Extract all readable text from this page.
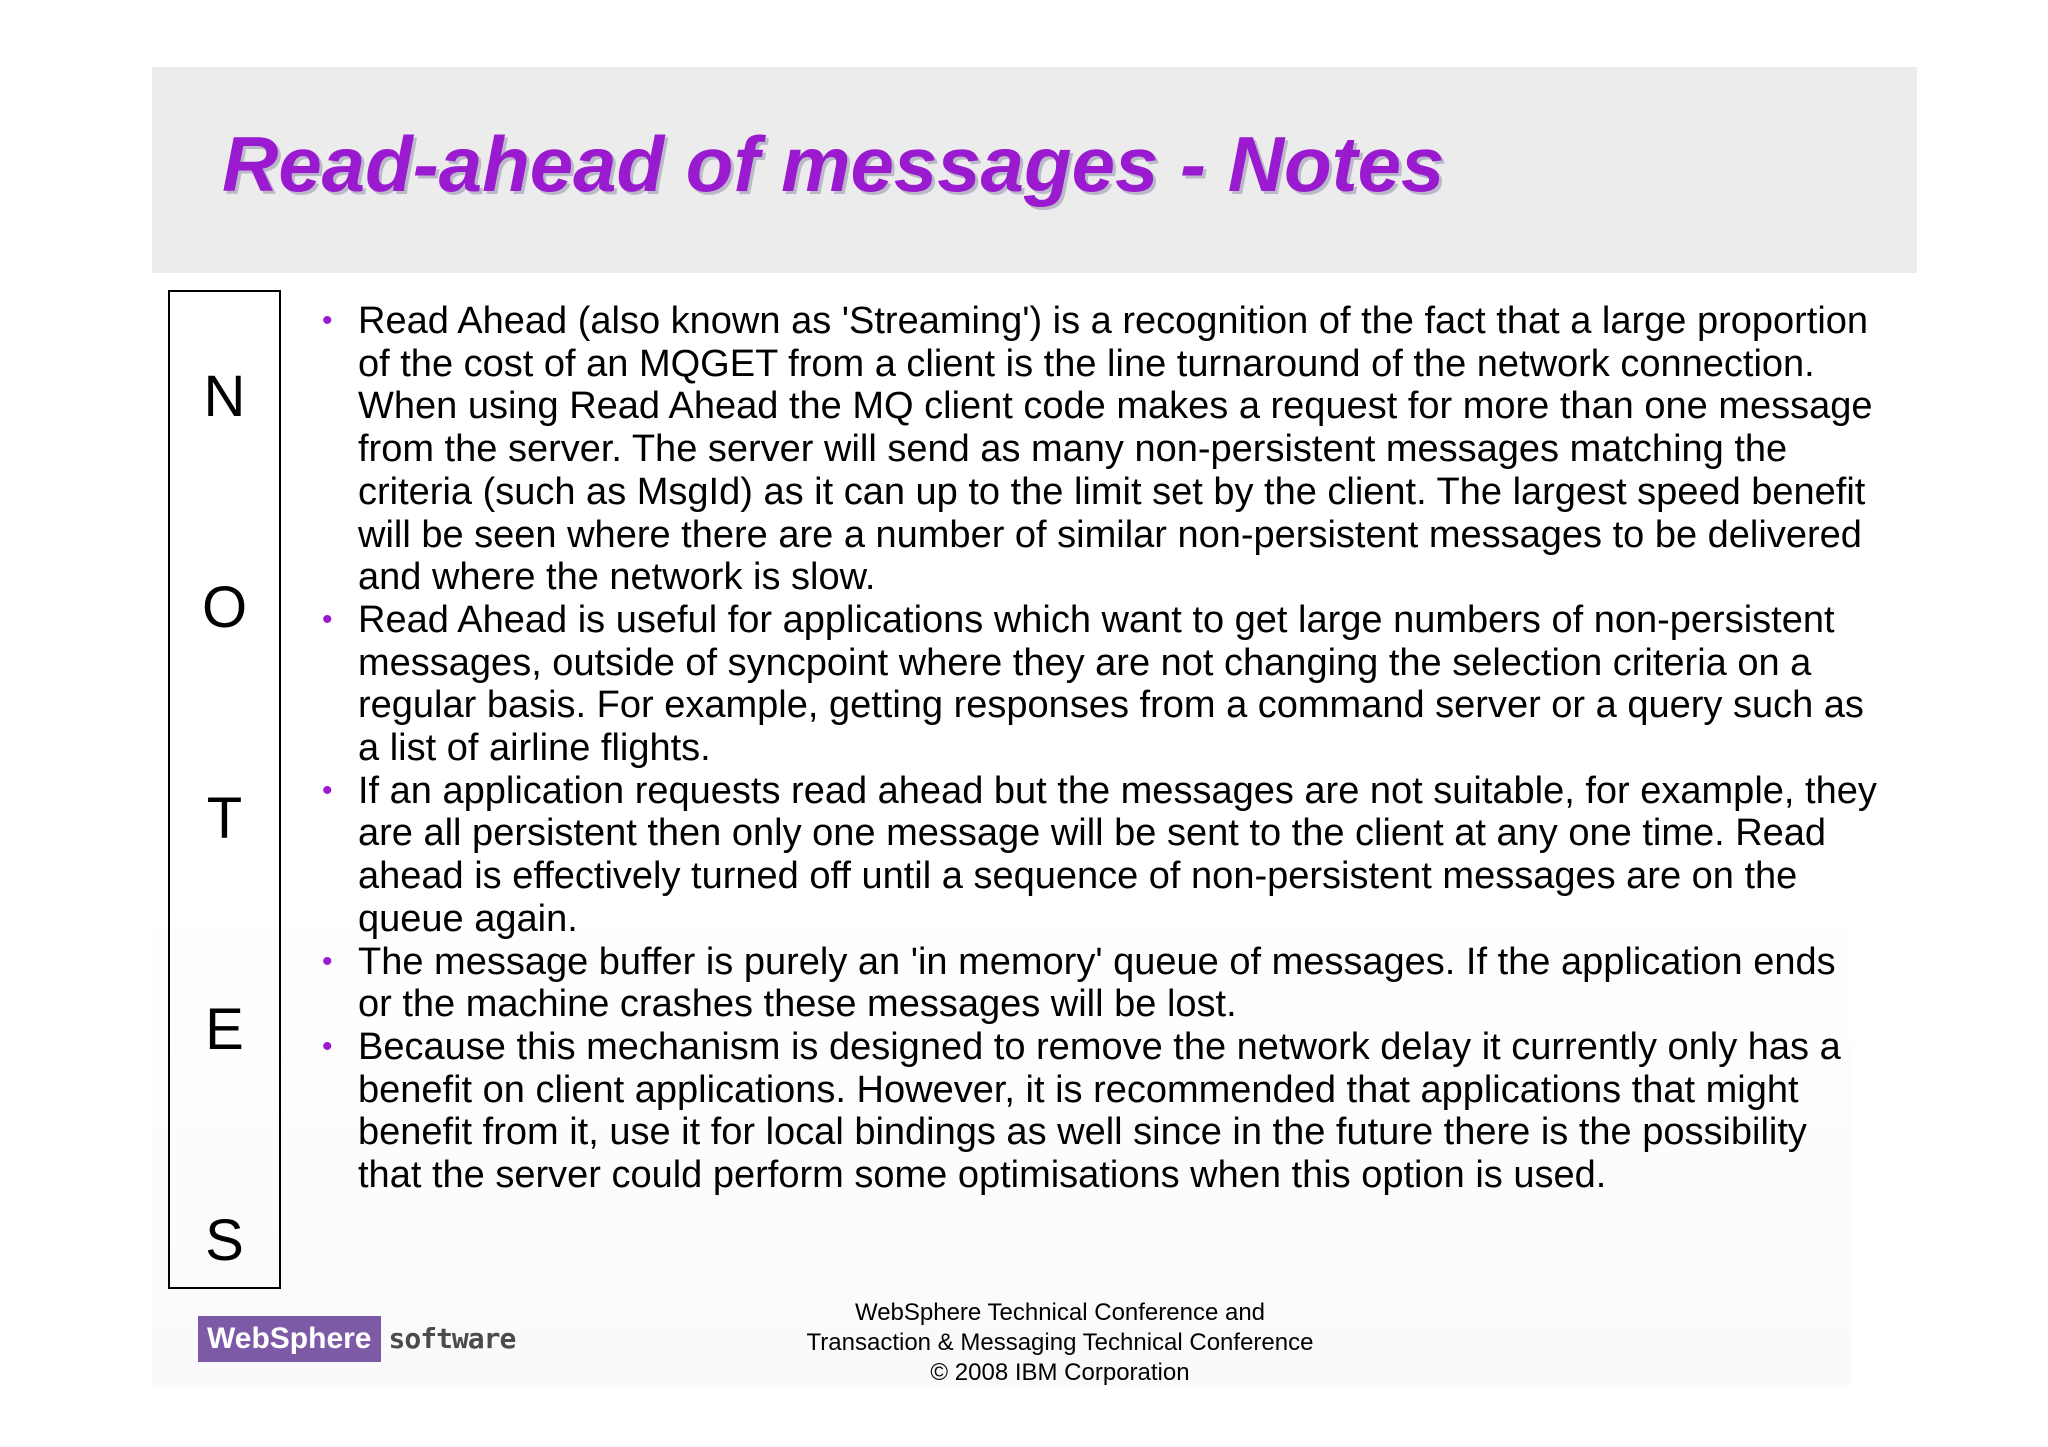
Read-ahead of messages - Notes
N
O
T
E
S
• Read Ahead (also known as 'Streaming') is a recognition of the fact that a large proportion of the cost of an MQGET from a client is the line turnaround of the network connection. When using Read Ahead the MQ client code makes a request for more than one message from the server. The server will send as many non-persistent messages matching the criteria (such as MsgId) as it can up to the limit set by the client. The largest speed benefit will be seen where there are a number of similar non-persistent messages to be delivered and where the network is slow.
• Read Ahead is useful for applications which want to get large numbers of non-persistent messages, outside of syncpoint where they are not changing the selection criteria on a regular basis. For example, getting responses from a command server or a query such as a list of airline flights.
• If an application requests read ahead but the messages are not suitable, for example, they are all persistent then only one message will be sent to the client at any one time. Read ahead is effectively turned off until a sequence of non-persistent messages are on the queue again.
• The message buffer is purely an 'in memory' queue of messages. If the application ends or the machine crashes these messages will be lost.
• Because this mechanism is designed to remove the network delay it currently only has a benefit on client applications. However, it is recommended that applications that might benefit from it, use it for local bindings as well since in the future there is the possibility that the server could perform some optimisations when this option is used.
WebSphere software
WebSphere Technical Conference and
Transaction & Messaging Technical Conference
© 2008 IBM Corporation
